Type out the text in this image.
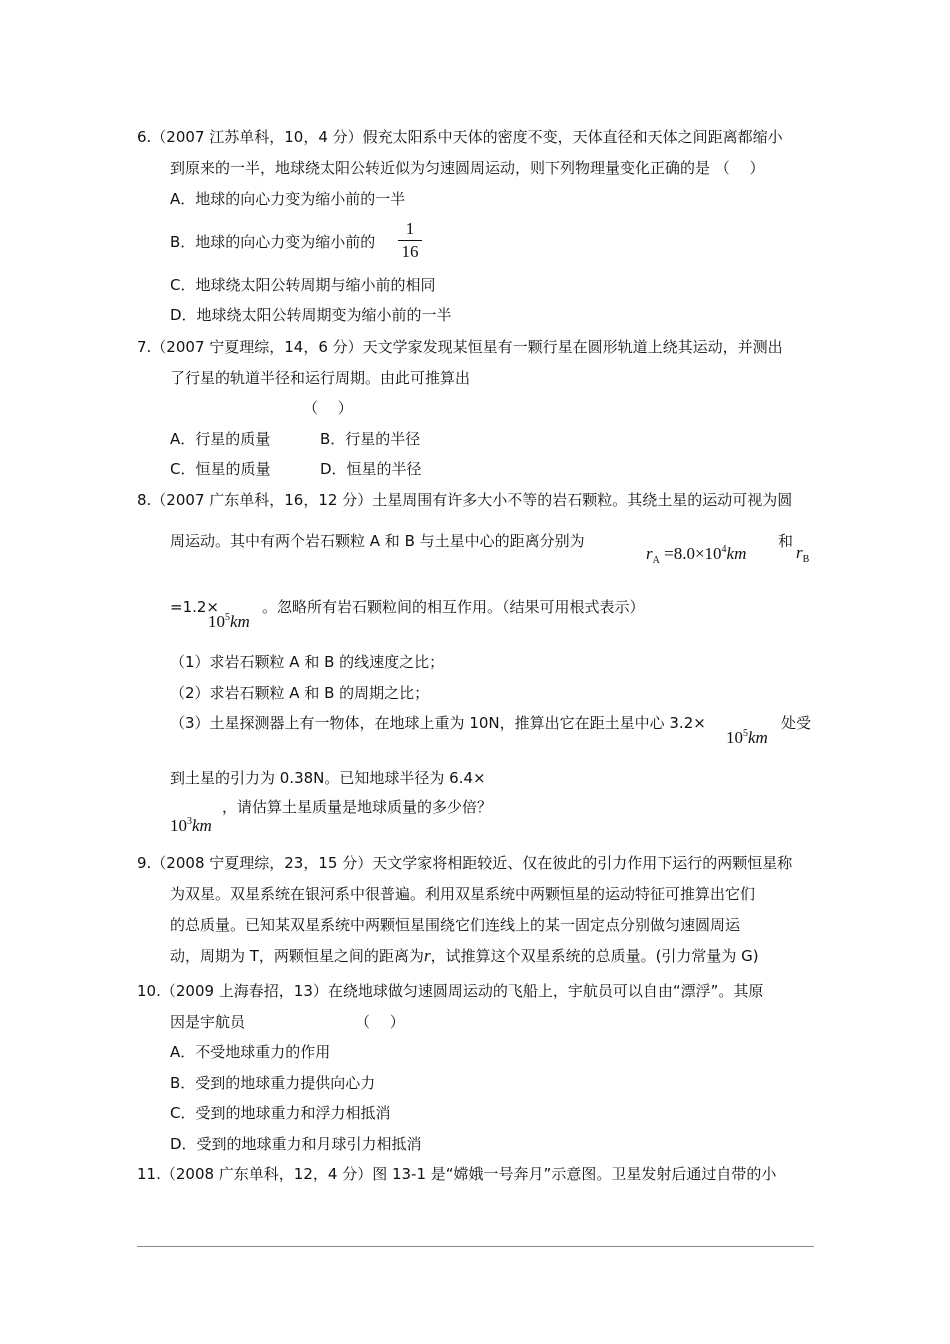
6.（2007 江苏单科，10，4 分）假充太阳系中天体的密度不变，天体直径和天体之间距离都缩小
到原来的一半，地球绕太阳公转近似为匀速圆周运动，则下列物理量变化正确的是 （　 ）
A．地球的向心力变为缩小前的一半
B．地球的向心力变为缩小前的
1
16
C．地球绕太阳公转周期与缩小前的相同
D．地球绕太阳公转周期变为缩小前的一半
7.（2007 宁夏理综，14，6 分）天文学家发现某恒星有一颗行星在圆形轨道上绕其运动，并测出
了行星的轨道半径和运行周期。由此可推算出
（　 ）
A．行星的质量	B．行星的半径
C．恒星的质量	D．恒星的半径
8.（2007 广东单科，16，12 分）土星周围有许多大小不等的岩石颗粒。其绕土星的运动可视为圆
周运动。其中有两个岩石颗粒 A 和 B 与土星中心的距离分别为
$r_A =8.0\times 10^4km$
和
$r_B$
=1.2×
$10^5km$
。忽略所有岩石颗粒间的相互作用。（结果可用根式表示）
（1）求岩石颗粒 A 和 B 的线速度之比；
（2）求岩石颗粒 A 和 B 的周期之比；
（3）土星探测器上有一物体，在地球上重为 10N，推算出它在距土星中心 3.2×
$10^5km$
处受
到土星的引力为 0.38N。已知地球半径为 6.4×
，请估算土星质量是地球质量的多少倍？
$10^3km$
9.（2008 宁夏理综，23，15 分）天文学家将相距较近、仅在彼此的引力作用下运行的两颗恒星称
为双星。双星系统在银河系中很普遍。利用双星系统中两颗恒星的运动特征可推算出它们
的总质量。已知某双星系统中两颗恒星围绕它们连线上的某一固定点分别做匀速圆周运
动，周期为 T，两颗恒星之间的距离为r，试推算这个双星系统的总质量。(引力常量为 G)
10.（2009 上海春招，13）在绕地球做匀速圆周运动的飞船上，宇航员可以自由“漂浮”。其原
因是宇航员	（　 ）
A．不受地球重力的作用
B．受到的地球重力提供向心力
C．受到的地球重力和浮力相抵消
D．受到的地球重力和月球引力相抵消
11.（2008 广东单科，12，4 分）图 13-1 是“嫦娥一号奔月”示意图。卫星发射后通过自带的小
